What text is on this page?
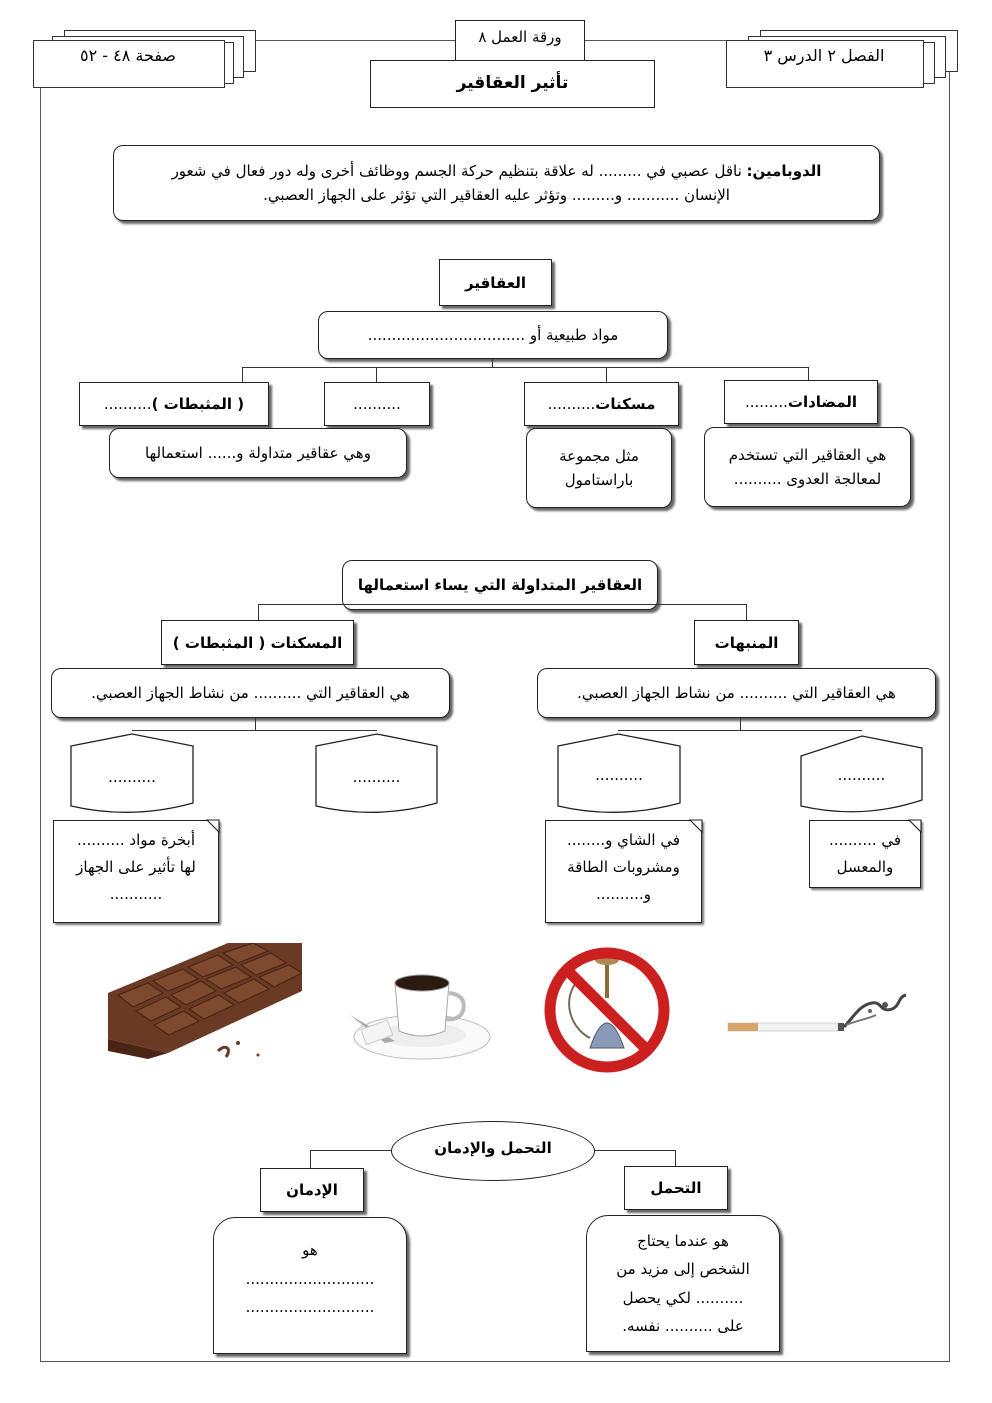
ورقة العمل ٨
تأثير العقاقير
الفصل ٢ الدرس ٣
صفحة ٤٨ - ٥٢
الدوبامين: ناقل عصبي في ......... له علاقة بتنظيم حركة الجسم ووظائف أخرى وله دور فعال في شعور
الإنسان ........... و......... وتؤثر عليه العقاقير التي تؤثر على الجهاز العصبي.
العقاقير
مواد طبيعية أو .................................
المضادات
.........
مسكنات
..........
..........
( المثبطات )
..........
هي العقاقير التي تستخدم
لمعالجة العدوى ..........
مثل مجموعة
باراستامول
وهي عقاقير متداولة و...... استعمالها
العقاقير المتداولة التي يساء استعمالها
المنبهات
المسكنات ( المثبطات )
هي العقاقير التي .......... من نشاط الجهاز العصبي.
هي العقاقير التي .......... من نشاط الجهاز العصبي.
..........
..........
..........
..........
في ..........
والمعسل
في الشاي و........
ومشروبات الطاقة
و..........
أبخرة مواد ..........
لها تأثير على الجهاز
...........
التحمل والإدمان
التحمل
الإدمان
هو عندما يحتاج
الشخص إلى مزيد من
.......... لكي يحصل
على .......... نفسه.
هو
...........................
...........................
